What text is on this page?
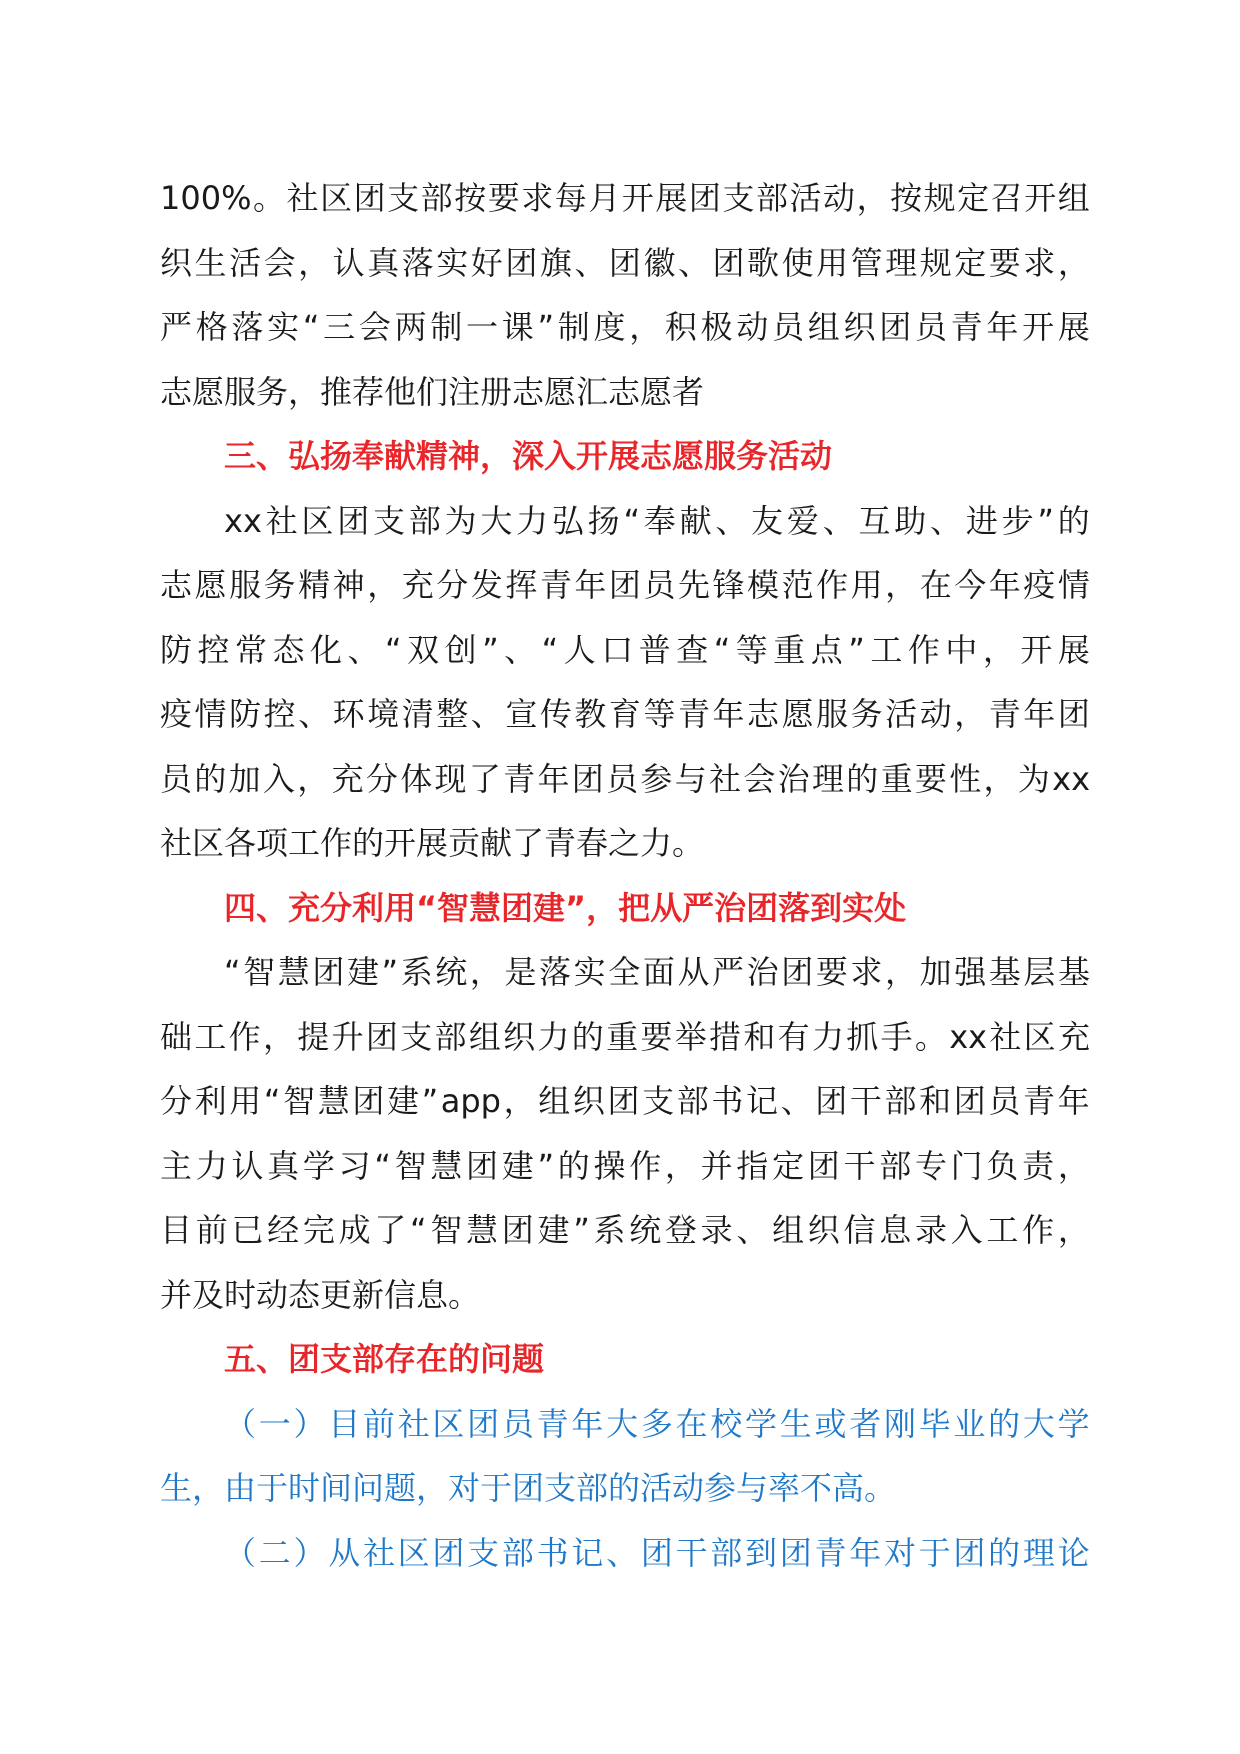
100% 。 社 区 团 支 部 按 要 求 每 月 开 展 团 支 部 活 动 ， 按 规 定 召 开 组
织 生 活 会 ， 认 真 落 实 好 团 旗 、 团 徽 、 团 歌 使 用 管 理 规 定 要 求 ，
严 格 落 实 “ 三 会 两 制 一 课 ” 制 度 ， 积 极 动 员 组 织 团 员 青 年 开 展
志愿服务，推荐他们注册志愿汇志愿者
三、弘扬奉献精神，深入开展志愿服务活动
xx 社 区 团 支 部 为 大 力 弘 扬 “ 奉 献 、 友 爱 、 互 助 、 进 步 ” 的
志 愿 服 务 精 神 ， 充 分 发 挥 青 年 团 员 先 锋 模 范 作 用 ， 在 今 年 疫 情
防 控 常 态 化 、 “ 双 创 ” 、 “ 人 口 普 查 “ 等 重 点 ” 工 作 中 ， 开 展
疫 情 防 控 、 环 境 清 整 、 宣 传 教 育 等 青 年 志 愿 服 务 活 动 ， 青 年 团
员 的 加 入 ， 充 分 体 现 了 青 年 团 员 参 与 社 会 治 理 的 重 要 性 ， 为 xx
社区各项工作的开展贡献了青春之力。
四、充分利用“智慧团建”，把从严治团落到实处
“ 智 慧 团 建 ” 系 统 ， 是 落 实 全 面 从 严 治 团 要 求 ， 加 强 基 层 基
础 工 作 ， 提 升 团 支 部 组 织 力 的 重 要 举 措 和 有 力 抓 手 。 xx 社 区 充
分 利 用 “ 智 慧 团 建 ” app ， 组 织 团 支 部 书 记 、 团 干 部 和 团 员 青 年
主 力 认 真 学 习 “ 智 慧 团 建 ” 的 操 作 ， 并 指 定 团 干 部 专 门 负 责 ，
目 前 已 经 完 成 了 “ 智 慧 团 建 ” 系 统 登 录 、 组 织 信 息 录 入 工 作 ，
并及时动态更新信息。
五、团支部存在的问题
（ 一 ） 目 前 社 区 团 员 青 年 大 多 在 校 学 生 或 者 刚 毕 业 的 大 学
生，由于时间问题，对于团支部的活动参与率不高。
（ 二 ） 从 社 区 团 支 部 书 记 、 团 干 部 到 团 青 年 对 于 团 的 理 论
